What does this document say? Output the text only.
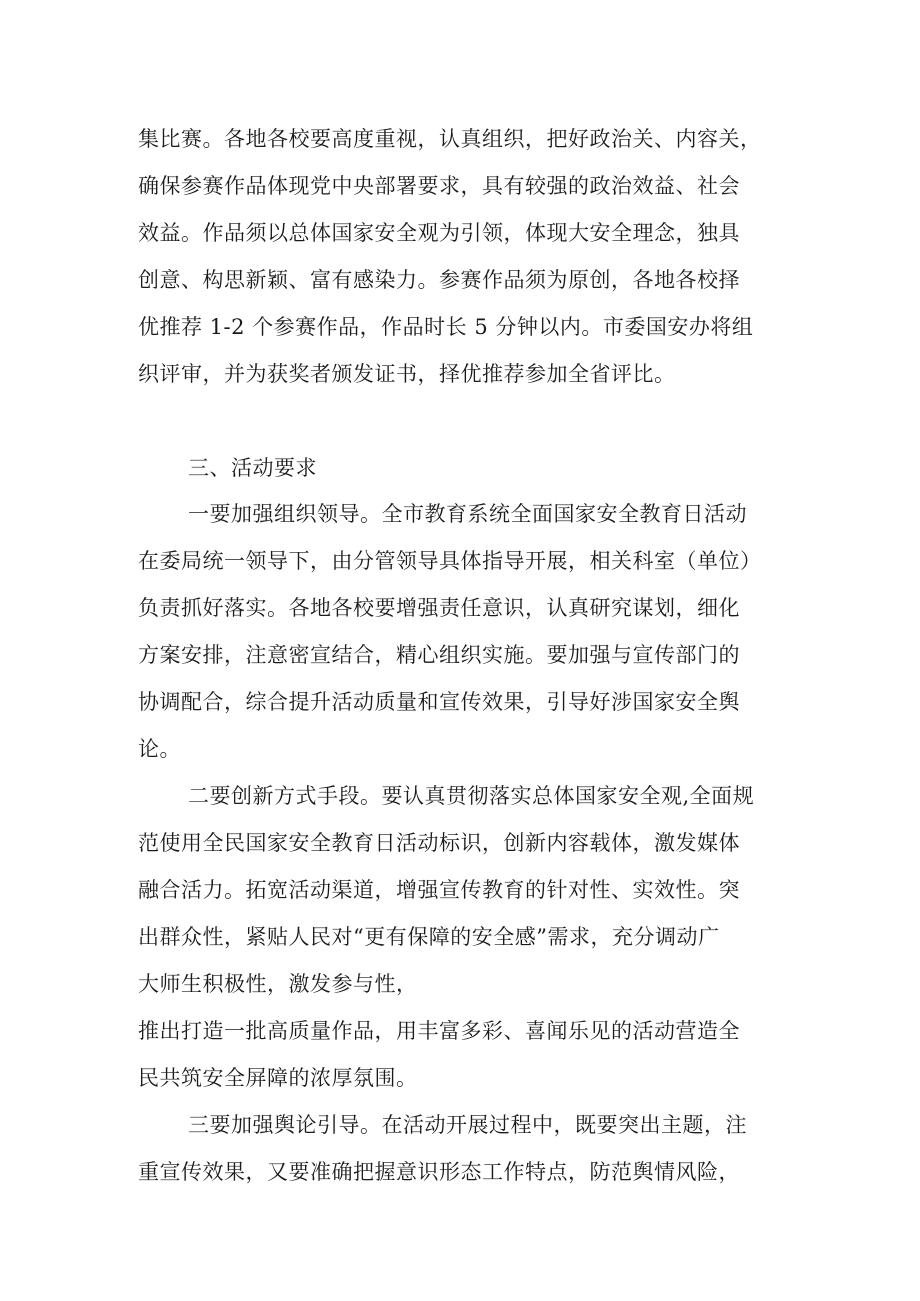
集比赛。各地各校要高度重视，认真组织，把好政治关、内容关，
确保参赛作品体现党中央部署要求，具有较强的政治效益、社会
效益。作品须以总体国家安全观为引领，体现大安全理念，独具
创意、构思新颖、富有感染力。参赛作品须为原创，各地各校择
优推荐 1-2 个参赛作品，作品时长 5 分钟以内。市委国安办将组
织评审，并为获奖者颁发证书，择优推荐参加全省评比。
三、活动要求
一要加强组织领导。全市教育系统全面国家安全教育日活动
在委局统一领导下，由分管领导具体指导开展，相关科室（单位）
负责抓好落实。各地各校要增强责任意识，认真研究谋划，细化
方案安排，注意密宣结合，精心组织实施。要加强与宣传部门的
协调配合，综合提升活动质量和宣传效果，引导好涉国家安全舆
论。
二要创新方式手段。要认真贯彻落实总体国家安全观,全面规
范使用全民国家安全教育日活动标识，创新内容载体，激发媒体
融合活力。拓宽活动渠道，增强宣传教育的针对性、实效性。突
出群众性，紧贴人民对“更有保障的安全感”需求，充分调动广
大师生积极性，激发参与性，
推出打造一批高质量作品，用丰富多彩、喜闻乐见的活动营造全
民共筑安全屏障的浓厚氛围。
三要加强舆论引导。在活动开展过程中，既要突出主题，注
重宣传效果，又要准确把握意识形态工作特点，防范舆情风险，
